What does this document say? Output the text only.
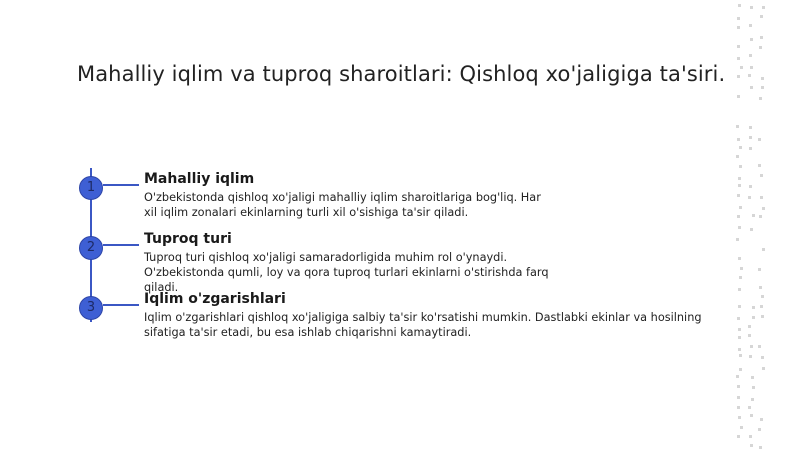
Mahalliy iqlim va tuproq sharoitlari: Qishloq xo'jaligiga ta'siri.
1

Mahalliy iqlim

O'zbekistonda qishloq xo'jaligi mahalliy iqlim sharoitlariga bog'liq. Har xil iqlim zonalari ekinlarning turli xil o'sishiga ta'sir qiladi.

2

Tuproq turi

Tuproq turi qishloq xo'jaligi samaradorligida muhim rol o'ynaydi. O'zbekistonda qumli, loy va qora tuproq turlari ekinlarni o'stirishda farq qiladi.

3

Iqlim o'zgarishlari

Iqlim o'zgarishlari qishloq xo'jaligiga salbiy ta'sir ko'rsatishi mumkin. Dastlabki ekinlar va hosilning sifatiga ta'sir etadi, bu esa ishlab chiqarishni kamaytiradi.
